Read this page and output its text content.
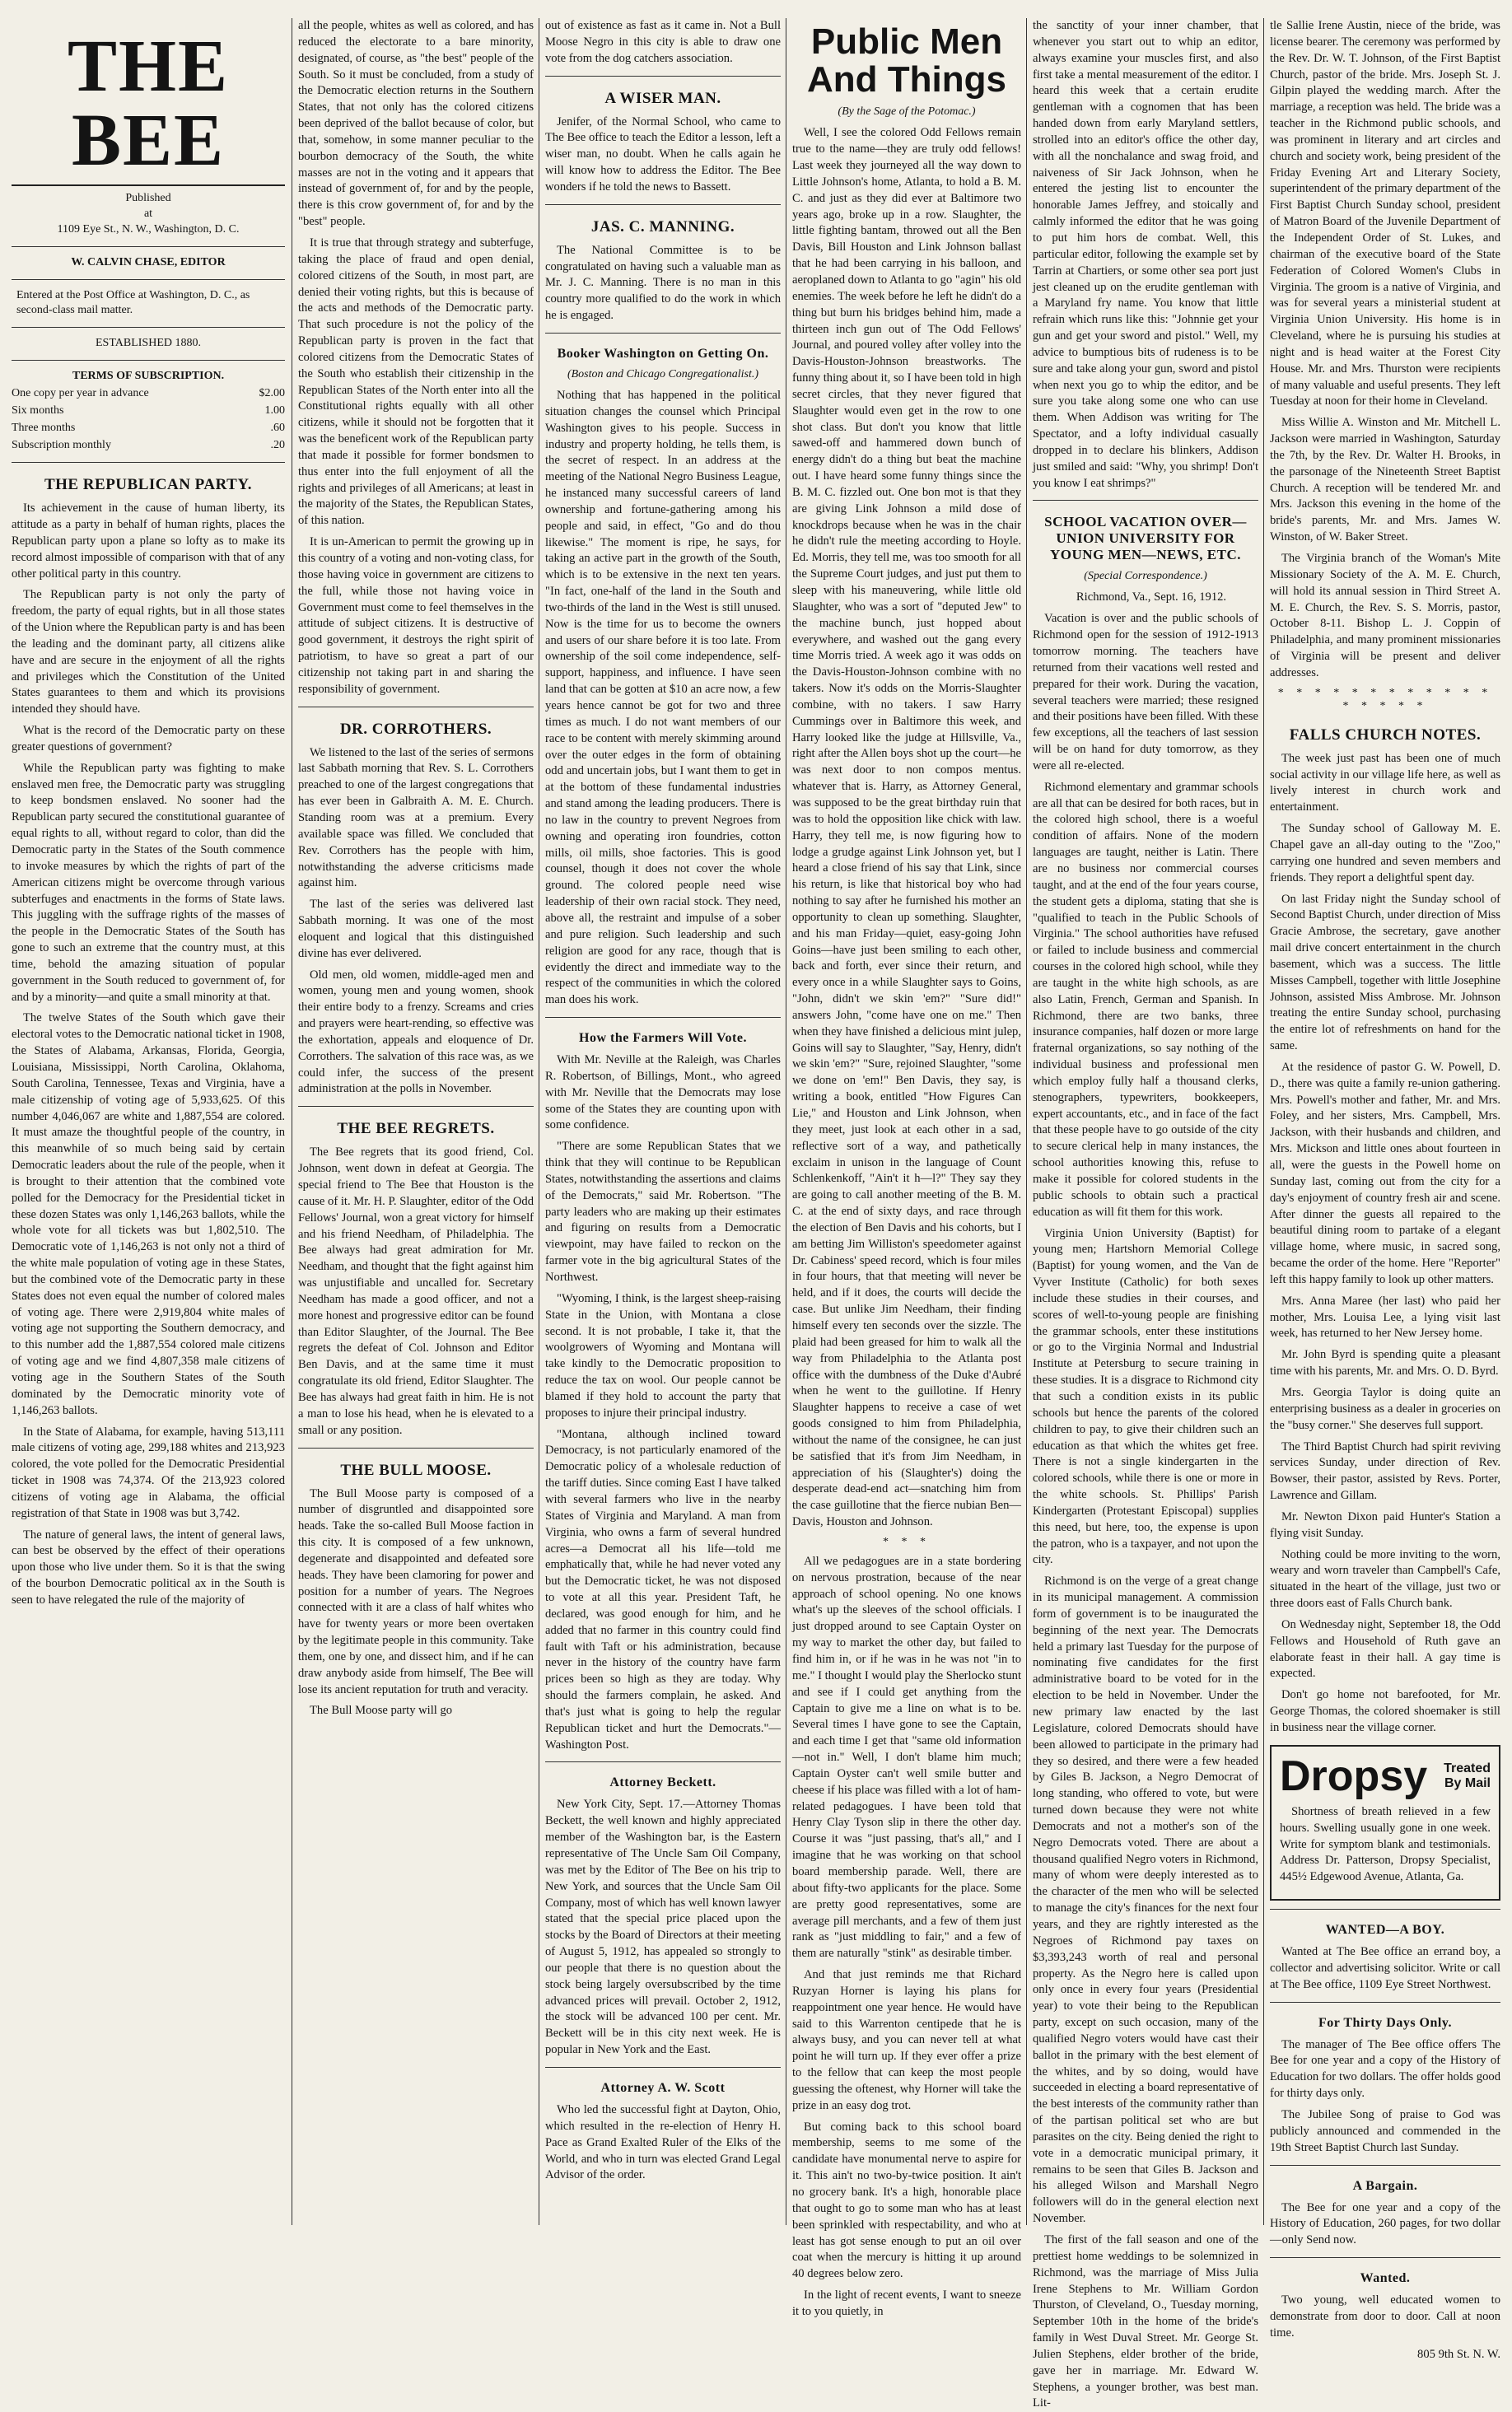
THE BEE
Published
at
1109 Eye St., N. W., Washington, D. C.
W. CALVIN CHASE, EDITOR
Entered at the Post Office at Washington, D. C., as second-class mail matter.
ESTABLISHED 1880.
TERMS OF SUBSCRIPTION.
One copy per year in advance	$2.00
Six months	1.00
Three months	.60
Subscription monthly	.20
THE REPUBLICAN PARTY.

Its achievement in the cause of human liberty, its attitude as a party in behalf of human rights, places the Republican party upon a plane so lofty as to make its record almost impossible of comparison with that of any other political party in this country.

The Republican party is not only the party of freedom, the party of equal rights, but in all those states of the Union where the Republican party is and has been the leading and the dominant party, all citizens alike have and are secure in the enjoyment of all the rights and privileges which the Constitution of the United States guarantees to them and which its provisions intended they should have.

What is the record of the Democratic party on these greater questions of government?

While the Republican party was fighting to make enslaved men free, the Democratic party was struggling to keep bondsmen enslaved. No sooner had the Republican party secured the constitutional guarantee of equal rights to all, without regard to color, than did the Democratic party in the States of the South commence to invoke measures by which the rights of part of the American citizens might be overcome through various subterfuges and enactments in the forms of State laws. This juggling with the suffrage rights of the masses of the people in the Democratic States of the South has gone to such an extreme that the country must, at this time, behold the amazing situation of popular government in the South reduced to government of, for and by a minority—and quite a small minority at that.

The twelve States of the South which gave their electoral votes to the Democratic national ticket in 1908, the States of Alabama, Arkansas, Florida, Georgia, Louisiana, Mississippi, North Carolina, Oklahoma, South Carolina, Tennessee, Texas and Virginia, have a male citizenship of voting age of 5,933,625. Of this number 4,046,067 are white and 1,887,554 are colored. It must amaze the thoughtful people of the country, in this meanwhile of so much being said by certain Democratic leaders about the rule of the people, when it is brought to their attention that the combined vote polled for the Democracy for the Presidential ticket in these dozen States was only 1,146,263 ballots, while the whole vote for all tickets was but 1,802,510. The Democratic vote of 1,146,263 is not only not a third of the white male population of voting age in these States, but the combined vote of the Democratic party in these States does not even equal the number of colored males of voting age. There were 2,919,804 white males of voting age not supporting the Southern democracy, and to this number add the 1,887,554 colored male citizens of voting age and we find 4,807,358 male citizens of voting age in the Southern States of the South dominated by the Democratic minority vote of 1,146,263 ballots.

In the State of Alabama, for example, having 513,111 male citizens of voting age, 299,188 whites and 213,923 colored, the vote polled for the Democratic Presidential ticket in 1908 was 74,374. Of the 213,923 colored citizens of voting age in Alabama, the official registration of that State in 1908 was but 3,742.

The nature of general laws, the intent of general laws, can best be observed by the effect of their operations upon those who live under them. So it is that the swing of the bourbon Democratic political ax in the South is seen to have relegated the rule of the majority of

all the people, whites as well as colored, and has reduced the electorate to a bare minority, designated, of course, as "the best" people of the South. So it must be concluded, from a study of the Democratic election returns in the Southern States, that not only has the colored citizens been deprived of the ballot because of color, but that, somehow, in some manner peculiar to the bourbon democracy of the South, the white masses are not in the voting and it appears that instead of government of, for and by the people, there is this crow government of, for and by the "best" people.

It is true that through strategy and subterfuge, taking the place of fraud and open denial, colored citizens of the South, in most part, are denied their voting rights, but this is because of the acts and methods of the Democratic party. That such procedure is not the policy of the Republican party is proven in the fact that colored citizens from the Democratic States of the South who establish their citizenship in the Republican States of the North enter into all the Constitutional rights equally with all other citizens, while it should not be forgotten that it was the beneficent work of the Republican party that made it possible for former bondsmen to thus enter into the full enjoyment of all the rights and privileges of all Americans; at least in the majority of the States, the Republican States, of this nation.

It is un-American to permit the growing up in this country of a voting and non-voting class, for those having voice in government are citizens to the full, while those not having voice in Government must come to feel themselves in the attitude of subject citizens. It is destructive of good government, it destroys the right spirit of patriotism, to have so great a part of our citizenship not taking part in and sharing the responsibility of government.

DR. CORROTHERS.

We listened to the last of the series of sermons last Sabbath morning that Rev. S. L. Corrothers preached to one of the largest congregations that has ever been in Galbraith A. M. E. Church. Standing room was at a premium. Every available space was filled. We concluded that Rev. Corrothers has the people with him, notwithstanding the adverse criticisms made against him.

The last of the series was delivered last Sabbath morning. It was one of the most eloquent and logical that this distinguished divine has ever delivered.

Old men, old women, middle-aged men and women, young men and young women, shook their entire body to a frenzy. Screams and cries and prayers were heart-rending, so effective was the exhortation, appeals and eloquence of Dr. Corrothers. The salvation of this race was, as we could infer, the success of the present administration at the polls in November.

THE BEE REGRETS.

The Bee regrets that its good friend, Col. Johnson, went down in defeat at Georgia. The special friend to The Bee that Houston is the cause of it. Mr. H. P. Slaughter, editor of the Odd Fellows' Journal, won a great victory for himself and his friend Needham, of Philadelphia. The Bee always had great admiration for Mr. Needham, and thought that the fight against him was unjustifiable and uncalled for. Secretary Needham has made a good officer, and not a more honest and progressive editor can be found than Editor Slaughter, of the Journal. The Bee regrets the defeat of Col. Johnson and Editor Ben Davis, and at the same time it must congratulate its old friend, Editor Slaughter. The Bee has always had great faith in him. He is not a man to lose his head, when he is elevated to a small or any position.

THE BULL MOOSE.

The Bull Moose party is composed of a number of disgruntled and disappointed sore heads. Take the so-called Bull Moose faction in this city. It is composed of a few unknown, degenerate and disappointed and defeated sore heads. They have been clamoring for power and position for a number of years. The Negroes connected with it are a class of half whites who have for twenty years or more been overtaken by the legitimate people in this community. Take them, one by one, and dissect him, and if he can draw anybody aside from himself, The Bee will lose its ancient reputation for truth and veracity.

The Bull Moose party will go

out of existence as fast as it came in. Not a Bull Moose Negro in this city is able to draw one vote from the dog catchers association.

A WISER MAN.

Jenifer, of the Normal School, who came to The Bee office to teach the Editor a lesson, left a wiser man, no doubt. When he calls again he will know how to address the Editor. The Bee wonders if he told the news to Bassett.

JAS. C. MANNING.

The National Committee is to be congratulated on having such a valuable man as Mr. J. C. Manning. There is no man in this country more qualified to do the work in which he is engaged.

Booker Washington on Getting On.
(Boston and Chicago Congregationalist.)

Nothing that has happened in the political situation changes the counsel which Principal Washington gives to his people. Success in industry and property holding, he tells them, is the secret of respect. In an address at the meeting of the National Negro Business League, he instanced many successful careers of land ownership and fortune-gathering among his people and said, in effect, "Go and do thou likewise." The moment is ripe, he says, for taking an active part in the growth of the South, which is to be extensive in the next ten years. "In fact, one-half of the land in the South and two-thirds of the land in the West is still unused. Now is the time for us to become the owners and users of our share before it is too late. From ownership of the soil come independence, self-support, happiness, and influence. I have seen land that can be gotten at $10 an acre now, a few years hence cannot be got for two and three times as much. I do not want members of our race to be content with merely skimming around over the outer edges in the form of obtaining odd and uncertain jobs, but I want them to get in at the bottom of these fundamental industries and stand among the leading producers. There is no law in the country to prevent Negroes from owning and operating iron foundries, cotton mills, oil mills, shoe factories. This is good counsel, though it does not cover the whole ground. The colored people need wise leadership of their own racial stock. They need, above all, the restraint and impulse of a sober and pure religion. Such leadership and such religion are good for any race, though that is evidently the direct and immediate way to the respect of the communities in which the colored man does his work.

How the Farmers Will Vote.

With Mr. Neville at the Raleigh, was Charles R. Robertson, of Billings, Mont., who agreed with Mr. Neville that the Democrats may lose some of the States they are counting upon with some confidence.

"There are some Republican States that we think that they will continue to be Republican States, notwithstanding the assertions and claims of the Democrats," said Mr. Robertson. "The party leaders who are making up their estimates and figuring on results from a Democratic viewpoint, may have failed to reckon on the farmer vote in the big agricultural States of the Northwest.

"Wyoming, I think, is the largest sheep-raising State in the Union, with Montana a close second. It is not probable, I take it, that the woolgrowers of Wyoming and Montana will take kindly to the Democratic proposition to reduce the tax on wool. Our people cannot be blamed if they hold to account the party that proposes to injure their principal industry.

"Montana, although inclined toward Democracy, is not particularly enamored of the Democratic policy of a wholesale reduction of the tariff duties. Since coming East I have talked with several farmers who live in the nearby States of Virginia and Maryland. A man from Virginia, who owns a farm of several hundred acres—a Democrat all his life—told me emphatically that, while he had never voted any but the Democratic ticket, he was not disposed to vote at all this year. President Taft, he declared, was good enough for him, and he added that no farmer in this country could find fault with Taft or his administration, because never in the history of the country have farm prices been so high as they are today. Why should the farmers complain, he asked. And that's just what is going to help the regular Republican ticket and hurt the Democrats."—Washington Post.

Attorney Beckett.

New York City, Sept. 17.—Attorney Thomas Beckett, the well known and highly appreciated member of the Washington bar, is the Eastern representative of The Uncle Sam Oil Company, was met by the Editor of The Bee on his trip to New York, and sources that the Uncle Sam Oil Company, most of which has well known lawyer stated that the special price placed upon the stocks by the Board of Directors at their meeting of August 5, 1912, has appealed so strongly to our people that there is no question about the stock being largely oversubscribed by the time advanced prices will prevail. October 2, 1912, the stock will be advanced 100 per cent. Mr. Beckett will be in this city next week. He is popular in New York and the East.

Attorney A. W. Scott

Who led the successful fight at Dayton, Ohio, which resulted in the re-election of Henry H. Pace as Grand Exalted Ruler of the Elks of the World, and who in turn was elected Grand Legal Advisor of the order.

Public Men And Things
(By the Sage of the Potomac.)

Well, I see the colored Odd Fellows remain true to the name—they are truly odd fellows! Last week they journeyed all the way down to Little Johnson's home, Atlanta, to hold a B. M. C. and just as they did ever at Baltimore two years ago, broke up in a row. Slaughter, the little fighting bantam, throwed out all the Ben Davis, Bill Houston and Link Johnson ballast that he had been carrying in his balloon, and aeroplaned down to Atlanta to go "agin" his old enemies. The week before he left he didn't do a thing but burn his bridges behind him, made a thirteen inch gun out of The Odd Fellows' Journal, and poured volley after volley into the Davis-Houston-Johnson breastworks. The funny thing about it, so I have been told in high secret circles, that they never figured that Slaughter would even get in the row to one shot class. But don't you know that little sawed-off and hammered down bunch of energy didn't do a thing but beat the machine out. I have heard some funny things since the B. M. C. fizzled out. One bon mot is that they are giving Link Johnson a mild dose of knockdrops because when he was in the chair he didn't rule the meeting according to Hoyle. Ed. Morris, they tell me, was too smooth for all the Supreme Court judges, and just put them to sleep with his maneuvering, while little old Slaughter, who was a sort of "deputed Jew" to the machine bunch, just hopped about everywhere, and washed out the gang every time Morris tried. A week ago it was odds on the Davis-Houston-Johnson combine with no takers. Now it's odds on the Morris-Slaughter combine, with no takers. I saw Harry Cummings over in Baltimore this week, and Harry looked like the judge at Hillsville, Va., right after the Allen boys shot up the court—he was next door to non compos mentus. whatever that is. Harry, as Attorney General, was supposed to be the great birthday ruin that was to hold the opposition like chick with law. Harry, they tell me, is now figuring how to lodge a grudge against Link Johnson yet, but I heard a close friend of his say that Link, since his return, is like that historical boy who had nothing to say after he furnished his mother an opportunity to clean up something. Slaughter, and his man Friday—quiet, easy-going John Goins—have just been smiling to each other, back and forth, ever since their return, and every once in a while Slaughter says to Goins, "John, didn't we skin 'em?" "Sure did!" answers John, "come have one on me." Then when they have finished a delicious mint julep, Goins will say to Slaughter, "Say, Henry, didn't we skin 'em?" "Sure, rejoined Slaughter, "some we done on 'em!" Ben Davis, they say, is writing a book, entitled "How Figures Can Lie," and Houston and Link Johnson, when they meet, just look at each other in a sad, reflective sort of a way, and pathetically exclaim in unison in the language of Count Schlenkenkoff, "Ain't it h—l?" They say they are going to call another meeting of the B. M. C. at the end of sixty days, and race through the election of Ben Davis and his cohorts, but I am betting Jim Williston's speedometer against Dr. Cabiness' speed record, which is four miles in four hours, that that meeting will never be held, and if it does, the courts will decide the case. But unlike Jim Needham, their finding himself every ten seconds over the sizzle. The plaid had been greased for him to walk all the way from Philadelphia to the Atlanta post office with the dumbness of the Duke d'Aubré when he went to the guillotine. If Henry Slaughter happens to receive a case of wet goods consigned to him from Philadelphia, without the name of the consignee, he can just be satisfied that it's from Jim Needham, in appreciation of his (Slaughter's) doing the desperate dead-end act—snatching him from the case guillotine that the fierce nubian Ben—Davis, Houston and Johnson.

* * *

All we pedagogues are in a state bordering on nervous prostration, because of the near approach of school opening. No one knows what's up the sleeves of the school officials. I just dropped around to see Captain Oyster on my way to market the other day, but failed to find him in, or if he was in he was not "in to me." I thought I would play the Sherlocko stunt and see if I could get anything from the Captain to give me a line on what is to be. Several times I have gone to see the Captain, and each time I get that "same old information—not in." Well, I don't blame him much; Captain Oyster can't well smile butter and cheese if his place was filled with a lot of ham-related pedagogues. I have been told that Henry Clay Tyson slip in there the other day. Course it was "just passing, that's all," and I imagine that he was working on that school board membership parade. Well, there are about fifty-two applicants for the place. Some are pretty good representatives, some are average pill merchants, and a few of them just rank as "just middling to fair," and a few of them are naturally "stink" as desirable timber.

And that just reminds me that Richard Ruzyan Horner is laying his plans for reappointment one year hence. He would have said to this Warrenton centipede that he is always busy, and you can never tell at what point he will turn up. If they ever offer a prize to the fellow that can keep the most people guessing the oftenest, why Horner will take the prize in an easy dog trot.

But coming back to this school board membership, seems to me some of the candidate have monumental nerve to aspire for it. This ain't no two-by-twice position. It ain't no grocery bank. It's a high, honorable place that ought to go to some man who has at least been sprinkled with respectability, and who at least has got sense enough to put an oil over coat when the mercury is hitting it up around 40 degrees below zero.

In the light of recent events, I want to sneeze it to you quietly, in

the sanctity of your inner chamber, that whenever you start out to whip an editor, always examine your muscles first, and also first take a mental measurement of the editor. I heard this week that a certain erudite gentleman with a cognomen that has been handed down from early Maryland settlers, strolled into an editor's office the other day, with all the nonchalance and swag froid, and naiveness of Sir Jack Johnson, when he entered the jesting list to encounter the honorable James Jeffrey, and stoically and calmly informed the editor that he was going to put him hors de combat. Well, this particular editor, following the example set by Tarrin at Chartiers, or some other sea port just jest cleaned up on the erudite gentleman with a Maryland fry name. You know that little refrain which runs like this: "Johnnie get your gun and get your sword and pistol." Well, my advice to bumptious bits of rudeness is to be sure and take along your gun, sword and pistol when next you go to whip the editor, and be sure you take along some one who can use them. When Addison was writing for The Spectator, and a lofty individual casually dropped in to declare his blinkers, Addison just smiled and said: "Why, you shrimp! Don't you know I eat shrimps?"

SCHOOL VACATION OVER—UNION UNIVERSITY FOR YOUNG MEN—NEWS, ETC.
(Special Correspondence.)

Richmond, Va., Sept. 16, 1912.

Vacation is over and the public schools of Richmond open for the session of 1912-1913 tomorrow morning. The teachers have returned from their vacations well rested and prepared for their work. During the vacation, several teachers were married; these resigned and their positions have been filled. With these few exceptions, all the teachers of last session will be on hand for duty tomorrow, as they were all re-elected.

Richmond elementary and grammar schools are all that can be desired for both races, but in the colored high school, there is a woeful condition of affairs. None of the modern languages are taught, neither is Latin. There are no business nor commercial courses taught, and at the end of the four years course, the student gets a diploma, stating that she is "qualified to teach in the Public Schools of Virginia." The school authorities have refused or failed to include business and commercial courses in the colored high school, while they are taught in the white high schools, as are also Latin, French, German and Spanish. In Richmond, there are two banks, three insurance companies, half dozen or more large fraternal organizations, so say nothing of the individual business and professional men which employ fully half a thousand clerks, stenographers, typewriters, bookkeepers, expert accountants, etc., and in face of the fact that these people have to go outside of the city to secure clerical help in many instances, the school authorities knowing this, refuse to make it possible for colored students in the public schools to obtain such a practical education as will fit them for this work.

Virginia Union University (Baptist) for young men; Hartshorn Memorial College (Baptist) for young women, and the Van de Vyver Institute (Catholic) for both sexes include these studies in their courses, and scores of well-to-young people are finishing the grammar schools, enter these institutions or go to the Virginia Normal and Industrial Institute at Petersburg to secure training in these studies. It is a disgrace to Richmond city that such a condition exists in its public schools but hence the parents of the colored children to pay, to give their children such an education as that which the whites get free. There is not a single kindergarten in the colored schools, while there is one or more in the white schools. St. Phillips' Parish Kindergarten (Protestant Episcopal) supplies this need, but here, too, the expense is upon the patron, who is a taxpayer, and not upon the city.

Richmond is on the verge of a great change in its municipal management. A commission form of government is to be inaugurated the beginning of the next year. The Democrats held a primary last Tuesday for the purpose of nominating five candidates for the first administrative board to be voted for in the election to be held in November. Under the new primary law enacted by the last Legislature, colored Democrats should have been allowed to participate in the primary had they so desired, and there were a few headed by Giles B. Jackson, a Negro Democrat of long standing, who offered to vote, but were turned down because they were not white Democrats and not a mother's son of the Negro Democrats voted. There are about a thousand qualified Negro voters in Richmond, many of whom were deeply interested as to the character of the men who will be selected to manage the city's finances for the next four years, and they are rightly interested as the Negroes of Richmond pay taxes on $3,393,243 worth of real and personal property. As the Negro here is called upon only once in every four years (Presidential year) to vote their being to the Republican party, except on such occasion, many of the qualified Negro voters would have cast their ballot in the primary with the best element of the whites, and by so doing, would have succeeded in electing a board representative of the best interests of the community rather than of the partisan political set who are but parasites on the city. Being denied the right to vote in a democratic municipal primary, it remains to be seen that Giles B. Jackson and his alleged Wilson and Marshall Negro followers will do in the general election next November.

The first of the fall season and one of the prettiest home weddings to be solemnized in Richmond, was the marriage of Miss Julia Irene Stephens to Mr. William Gordon Thurston, of Cleveland, O., Tuesday morning, September 10th in the home of the bride's family in West Duval Street. Mr. George St. Julien Stephens, elder brother of the bride, gave her in marriage. Mr. Edward W. Stephens, a younger brother, was best man. Lit-

tle Sallie Irene Austin, niece of the bride, was license bearer. The ceremony was performed by the Rev. Dr. W. T. Johnson, of the First Baptist Church, pastor of the bride. Mrs. Joseph St. J. Gilpin played the wedding march. After the marriage, a reception was held. The bride was a teacher in the Richmond public schools, and was prominent in literary and art circles and church and society work, being president of the Friday Evening Art and Literary Society, superintendent of the primary department of the First Baptist Church Sunday school, president of Matron Board of the Juvenile Department of the Independent Order of St. Lukes, and chairman of the executive board of the State Federation of Colored Women's Clubs in Virginia. The groom is a native of Virginia, and was for several years a ministerial student at Virginia Union University. His home is in Cleveland, where he is pursuing his studies at night and is head waiter at the Forest City House. Mr. and Mrs. Thurston were recipients of many valuable and useful presents. They left Tuesday at noon for their home in Cleveland.

Miss Willie A. Winston and Mr. Mitchell L. Jackson were married in Washington, Saturday the 7th, by the Rev. Dr. Walter H. Brooks, in the parsonage of the Nineteenth Street Baptist Church. A reception will be tendered Mr. and Mrs. Jackson this evening in the home of the bride's parents, Mr. and Mrs. James W. Winston, of W. Baker Street.

The Virginia branch of the Woman's Mite Missionary Society of the A. M. E. Church, will hold its annual session in Third Street A. M. E. Church, the Rev. S. S. Morris, pastor, October 8-11. Bishop L. J. Coppin of Philadelphia, and many prominent missionaries of Virginia will be present and deliver addresses.

* * * * * * * * * * * * * * * * *
FALLS CHURCH NOTES.

The week just past has been one of much social activity in our village life here, as well as lively interest in church work and entertainment.

The Sunday school of Galloway M. E. Chapel gave an all-day outing to the "Zoo," carrying one hundred and seven members and friends. They report a delightful spent day.

On last Friday night the Sunday school of Second Baptist Church, under direction of Miss Gracie Ambrose, the secretary, gave another mail drive concert entertainment in the church basement, which was a success. The little Misses Campbell, together with little Josephine Johnson, assisted Miss Ambrose. Mr. Johnson treating the entire Sunday school, purchasing the entire lot of refreshments on hand for the same.

At the residence of pastor G. W. Powell, D. D., there was quite a family re-union gathering. Mrs. Powell's mother and father, Mr. and Mrs. Foley, and her sisters, Mrs. Campbell, Mrs. Jackson, with their husbands and children, and Mrs. Mickson and little ones about fourteen in all, were the guests in the Powell home on Sunday last, coming out from the city for a day's enjoyment of country fresh air and scene. After dinner the guests all repaired to the beautiful dining room to partake of a elegant village home, where music, in sacred song, became the order of the home. Here "Reporter" left this happy family to look up other matters.

Mrs. Anna Maree (her last) who paid her mother, Mrs. Louisa Lee, a lying visit last week, has returned to her New Jersey home.

Mr. John Byrd is spending quite a pleasant time with his parents, Mr. and Mrs. O. D. Byrd.

Mrs. Georgia Taylor is doing quite an enterprising business as a dealer in groceries on the "busy corner." She deserves full support.

The Third Baptist Church had spirit reviving services Sunday, under direction of Rev. Bowser, their pastor, assisted by Revs. Porter, Lawrence and Gillam.

Mr. Newton Dixon paid Hunter's Station a flying visit Sunday.

Nothing could be more inviting to the worn, weary and worn traveler than Campbell's Cafe, situated in the heart of the village, just two or three doors east of Falls Church bank.

On Wednesday night, September 18, the Odd Fellows and Household of Ruth gave an elaborate feast in their hall. A gay time is expected.

Don't go home not barefooted, for Mr. George Thomas, the colored shoemaker is still in business near the village corner.

Dropsy	Treated By Mail

Shortness of breath relieved in a few hours. Swelling usually gone in one week. Write for symptom blank and testimonials. Address Dr. Patterson, Dropsy Specialist, 445½ Edgewood Avenue, Atlanta, Ga.

WANTED—A BOY.

Wanted at The Bee office an errand boy, a collector and advertising solicitor. Write or call at The Bee office, 1109 Eye Street Northwest.

For Thirty Days Only.

The manager of The Bee office offers The Bee for one year and a copy of the History of Education for two dollars. The offer holds good for thirty days only.

The Jubilee Song of praise to God was publicly announced and commended in the 19th Street Baptist Church last Sunday.

A Bargain.

The Bee for one year and a copy of the History of Education, 260 pages, for two dollar—only Send now.

Wanted.

Two young, well educated women to demonstrate from door to door. Call at noon time.

805 9th St. N. W.
